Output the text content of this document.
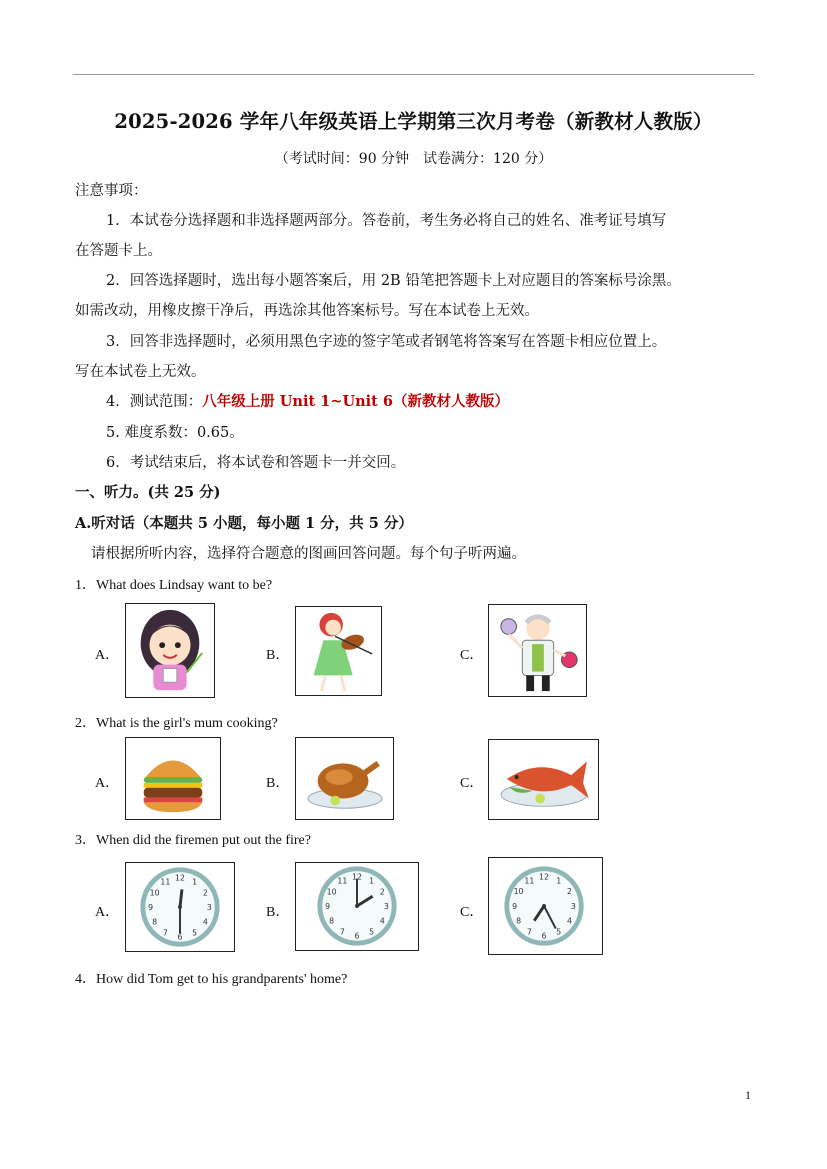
2025-2026 学年八年级英语上学期第三次月考卷（新教材人教版）
（考试时间：90 分钟　试卷满分：120 分）
注意事项：
1．本试卷分选择题和非选择题两部分。答卷前，考生务必将自己的姓名、准考证号填写
在答题卡上。
2．回答选择题时，选出每小题答案后，用 2B 铅笔把答题卡上对应题目的答案标号涂黑。
如需改动，用橡皮擦干净后，再选涂其他答案标号。写在本试卷上无效。
3．回答非选择题时，必须用黑色字迹的签字笔或者钢笔将答案写在答题卡相应位置上。
写在本试卷上无效。
4．测试范围：八年级上册 Unit 1~Unit 6（新教材人教版）
5. 难度系数：0.65。
6．考试结束后，将本试卷和答题卡一并交回。
一、听力。(共 25 分)
A.听对话（本题共 5 小题，每小题 1 分，共 5 分）
请根据所听内容，选择符合题意的图画回答问题。每个句子听两遍。
1．What does Lindsay want to be?
A．	B．	C．
2．What is the girl's mum cooking?
A．	B．	C．
3．When did the firemen put out the fire?
A．
1
2
3
4
5
6
7
8
9
10
11 12
B．
1
2
3
4
5
6
7
8
9
10
11 12
C．
1
2
3
4
5
6
7
8
9
10
11 12
4．How did Tom get to his grandparents' home?
1
